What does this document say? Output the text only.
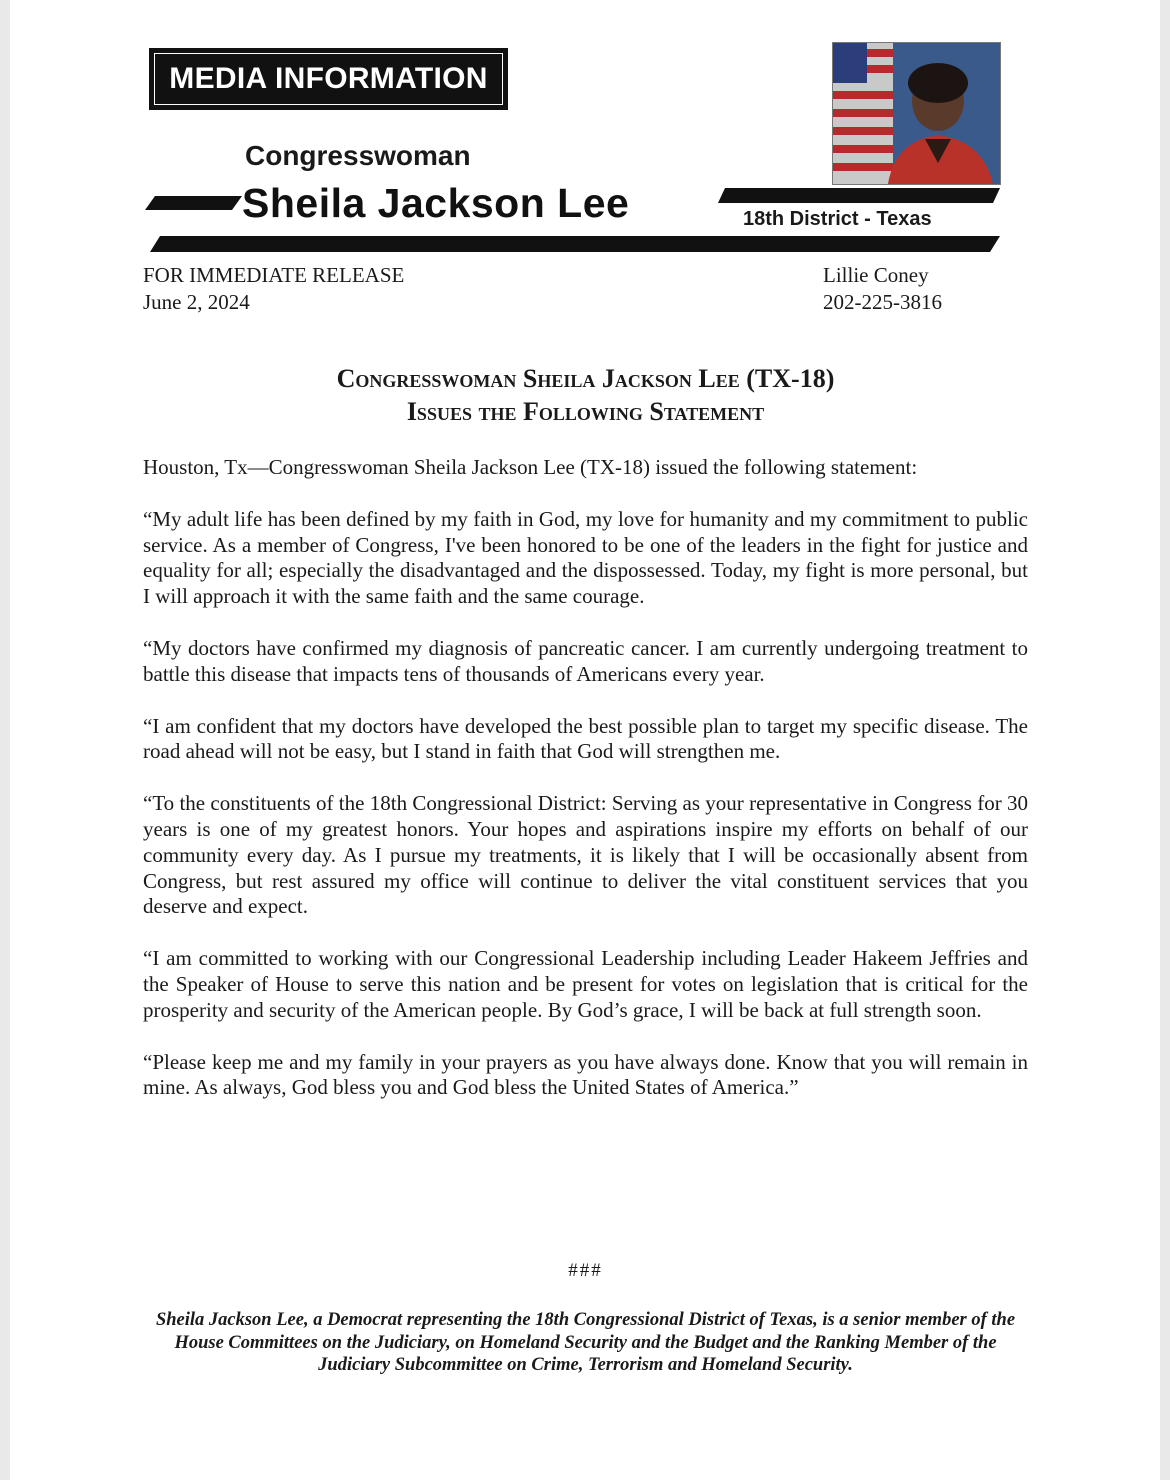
MEDIA INFORMATION
Congresswoman
Sheila Jackson Lee	18th District - Texas
FOR IMMEDIATE RELEASE
June 2, 2024
Lillie Coney
202-225-3816
Congresswoman Sheila Jackson Lee (TX-18)
Issues the Following Statement

Houston, Tx—Congresswoman Sheila Jackson Lee (TX-18) issued the following statement:

“My adult life has been defined by my faith in God, my love for humanity and my commitment to public service. As a member of Congress, I've been honored to be one of the leaders in the fight for justice and equality for all; especially the disadvantaged and the dispossessed. Today, my fight is more personal, but I will approach it with the same faith and the same courage.

“My doctors have confirmed my diagnosis of pancreatic cancer. I am currently undergoing treatment to battle this disease that impacts tens of thousands of Americans every year.

“I am confident that my doctors have developed the best possible plan to target my specific disease. The road ahead will not be easy, but I stand in faith that God will strengthen me.

“To the constituents of the 18th Congressional District: Serving as your representative in Congress for 30 years is one of my greatest honors. Your hopes and aspirations inspire my efforts on behalf of our community every day. As I pursue my treatments, it is likely that I will be occasionally absent from Congress, but rest assured my office will continue to deliver the vital constituent services that you deserve and expect.

“I am committed to working with our Congressional Leadership including Leader Hakeem Jeffries and the Speaker of House to serve this nation and be present for votes on legislation that is critical for the prosperity and security of the American people. By God’s grace, I will be back at full strength soon.

“Please keep me and my family in your prayers as you have always done. Know that you will remain in mine. As always, God bless you and God bless the United States of America.”

###
Sheila Jackson Lee, a Democrat representing the 18th Congressional District of Texas, is a senior member of the House Committees on the Judiciary, on Homeland Security and the Budget and the Ranking Member of the Judiciary Subcommittee on Crime, Terrorism and Homeland Security.
